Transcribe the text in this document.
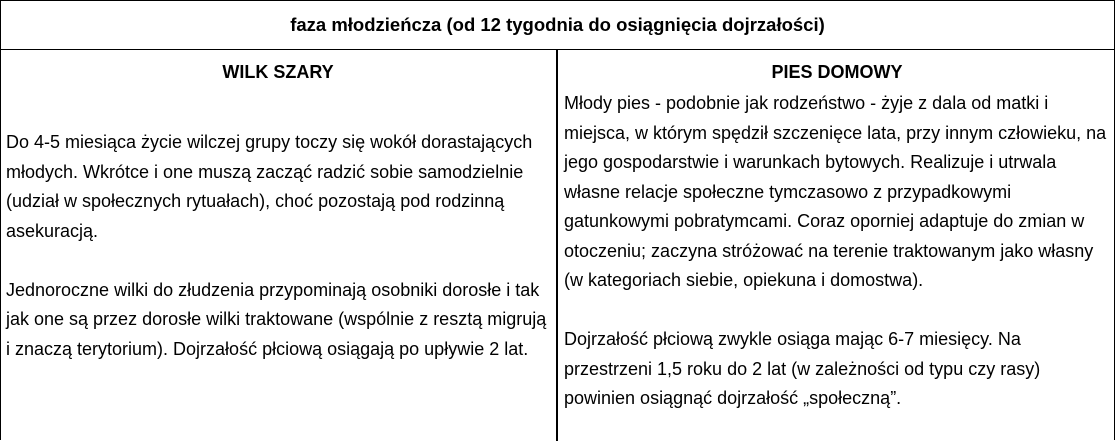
faza młodzieńcza (od 12 tygodnia do osiągnięcia dojrzałości)
WILK SZARY

Do 4-5 miesiąca życie wilczej grupy toczy się wokół dorastających młodych. Wkrótce i one muszą zacząć radzić sobie samodzielnie (udział w społecznych rytuałach), choć pozostają pod rodzinną asekuracją.

Jednoroczne wilki do złudzenia przypominają osobniki dorosłe i tak jak one są przez dorosłe wilki traktowane (wspólnie z resztą migrują i znaczą terytorium). Dojrzałość płciową osiągają po upływie 2 lat.

PIES DOMOWY

Młody pies - podobnie jak rodzeństwo - żyje z dala od matki i miejsca, w którym spędził szczenięce lata, przy innym człowieku, na jego gospodarstwie i warunkach bytowych. Realizuje i utrwala własne relacje społeczne tymczasowo z przypadkowymi gatunkowymi pobratymcami. Coraz oporniej adaptuje do zmian w otoczeniu; zaczyna stróżować na terenie traktowanym jako własny (w kategoriach siebie, opiekuna i domostwa).

Dojrzałość płciową zwykle osiąga mając 6-7 miesięcy. Na przestrzeni 1,5 roku do 2 lat (w zależności od typu czy rasy) powinien osiągnąć dojrzałość „społeczną”.
